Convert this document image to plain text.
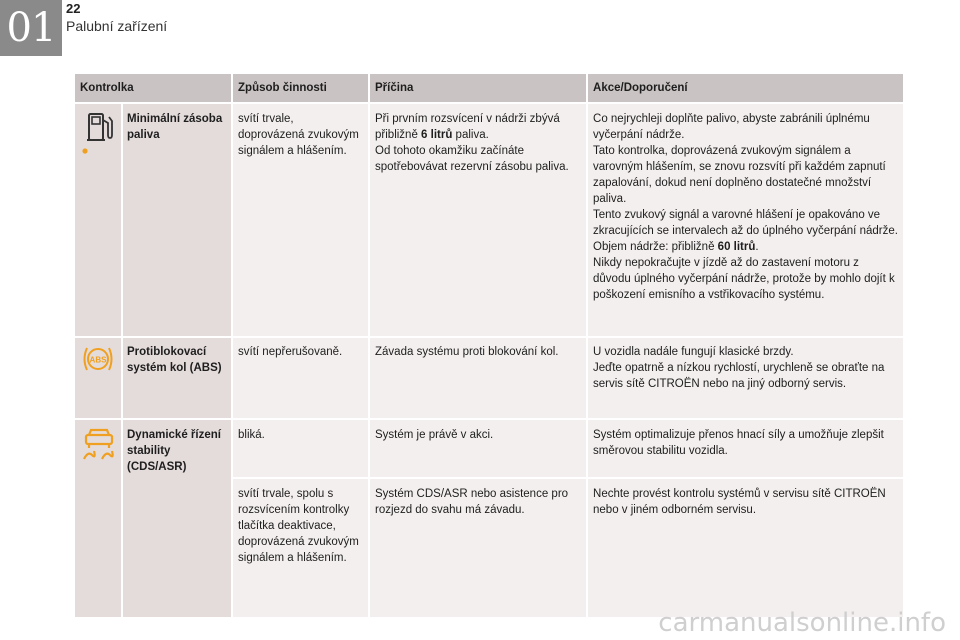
01 22
Palubní zařízení
Kontrolka		Způsob činnosti	Příčina	Akce/Doporučení

	Minimální zásoba paliva	svítí trvale, doprovázená zvukovým signálem a hlášením.	Při prvním rozsvícení v nádrži zbývá přibližně 6 litrů paliva.
Od tohoto okamžiku začínáte spotřebovávat rezervní zásobu paliva.	Co nejrychleji doplňte palivo, abyste zabránili úplnému vyčerpání nádrže.
Tato kontrolka, doprovázená zvukovým signálem a varovným hlášením, se znovu rozsvítí při každém zapnutí zapalování, dokud není doplněno dostatečné množství paliva.
Tento zvukový signál a varovné hlášení je opakováno ve zkracujících se intervalech až do úplného vyčerpání nádrže.
Objem nádrže: přibližně 60 litrů.
Nikdy nepokračujte v jízdě až do zastavení motoru z důvodu úplného vyčerpání nádrže, protože by mohlo dojít k poškození emisního a vstřikovacího systému.

ABS	Protiblokovací systém kol (ABS)	svítí nepřerušovaně.	Závada systému proti blokování kol.	U vozidla nadále fungují klasické brzdy.
Jeďte opatrně a nízkou rychlostí, urychleně se obraťte na servis sítě CITROËN nebo na jiný odborný servis.

	Dynamické řízení stability (CDS/ASR)	bliká.	Systém je právě v akci.	Systém optimalizuje přenos hnací síly a umožňuje zlepšit směrovou stabilitu vozidla.
		svítí trvale, spolu s rozsvícením kontrolky tlačítka deaktivace, doprovázená zvukovým signálem a hlášením.	Systém CDS/ASR nebo asistence pro rozjezd do svahu má závadu.	Nechte provést kontrolu systémů v servisu sítě CITROËN nebo v jiném odborném servisu.
carmanualsonline.info
